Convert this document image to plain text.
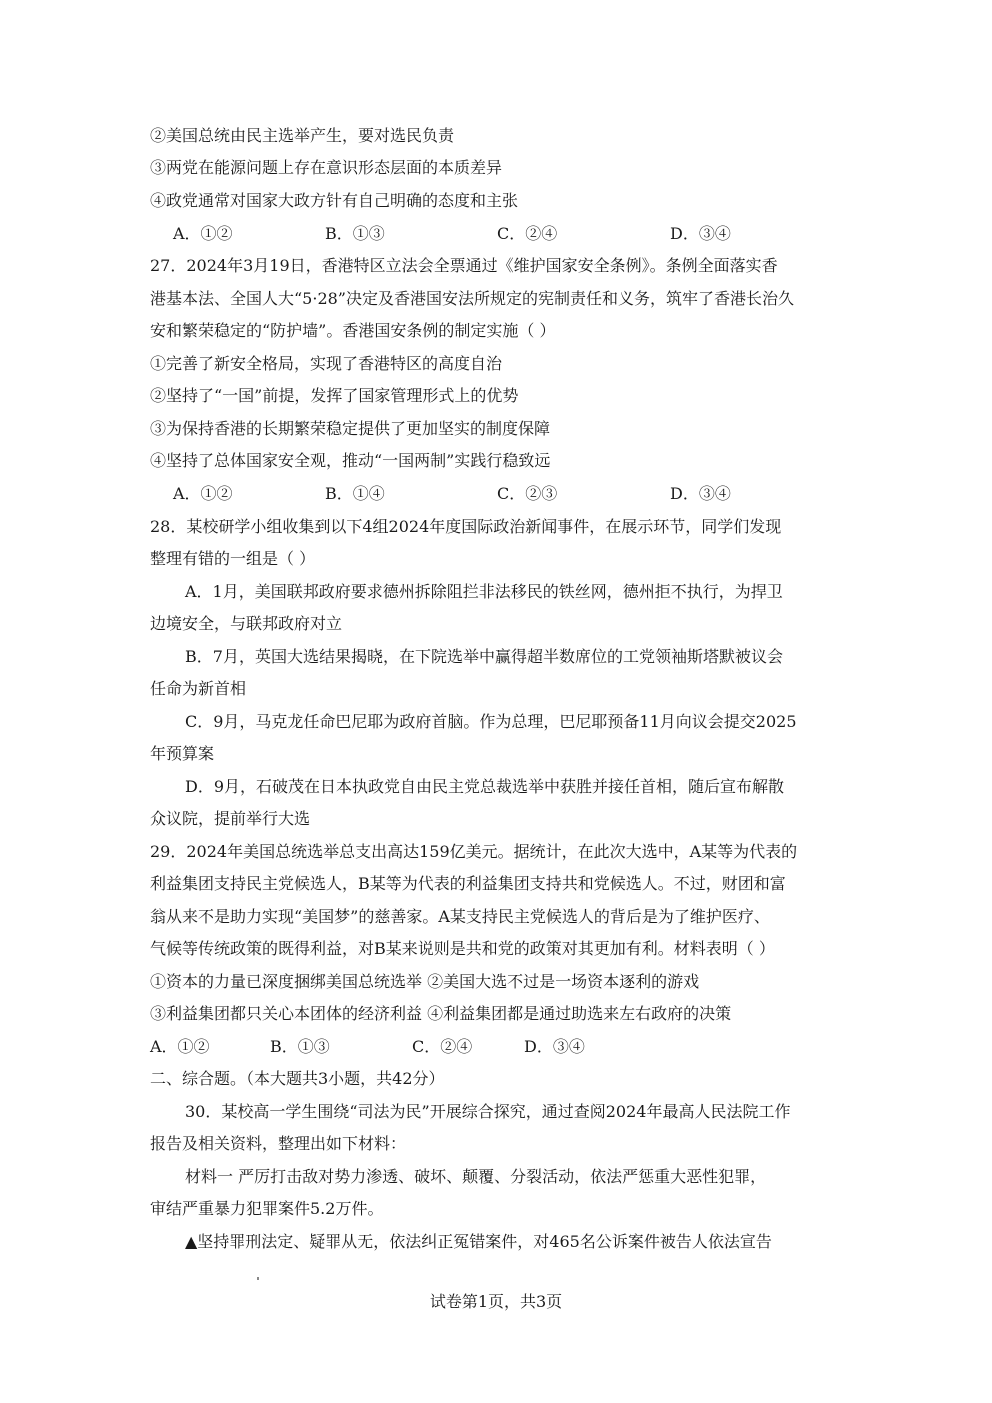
②美国总统由民主选举产生，要对选民负责
③两党在能源问题上存在意识形态层面的本质差异
④政党通常对国家大政方针有自己明确的态度和主张
27．2024年3月19日，香港特区立法会全票通过《维护国家安全条例》。条例全面落实香
港基本法、全国人大“5·28”决定及香港国安法所规定的宪制责任和义务，筑牢了香港长治久
安和繁荣稳定的“防护墙”。香港国安条例的制定实施（ ）
①完善了新安全格局，实现了香港特区的高度自治
②坚持了“一国”前提，发挥了国家管理形式上的优势
③为保持香港的长期繁荣稳定提供了更加坚实的制度保障
④坚持了总体国家安全观，推动“一国两制”实践行稳致远
28．某校研学小组收集到以下4组2024年度国际政治新闻事件，在展示环节，同学们发现
整理有错的一组是（ ）
A．1月，美国联邦政府要求德州拆除阻拦非法移民的铁丝网，德州拒不执行，为捍卫
边境安全，与联邦政府对立
B．7月，英国大选结果揭晓，在下院选举中赢得超半数席位的工党领袖斯塔默被议会
任命为新首相
C．9月，马克龙任命巴尼耶为政府首脑。作为总理，巴尼耶预备11月向议会提交2025
年预算案
D．9月，石破茂在日本执政党自由民主党总裁选举中获胜并接任首相，随后宣布解散
众议院，提前举行大选
29．2024年美国总统选举总支出高达159亿美元。据统计，在此次大选中，A某等为代表的
利益集团支持民主党候选人，B某等为代表的利益集团支持共和党候选人。不过，财团和富
翁从来不是助力实现“美国梦”的慈善家。A某支持民主党候选人的背后是为了维护医疗、
气候等传统政策的既得利益，对B某来说则是共和党的政策对其更加有利。材料表明（ ）
①资本的力量已深度捆绑美国总统选举 ②美国大选不过是一场资本逐利的游戏
③利益集团都只关心本团体的经济利益 ④利益集团都是通过助选来左右政府的决策
二、综合题。（本大题共3小题，共42分）
30．某校高一学生围绕“司法为民”开展综合探究，通过查阅2024年最高人民法院工作
报告及相关资料，整理出如下材料：
材料一 严厉打击敌对势力渗透、破坏、颠覆、分裂活动，依法严惩重大恶性犯罪，
审结严重暴力犯罪案件5.2万件。
▲坚持罪刑法定、疑罪从无，依法纠正冤错案件，对465名公诉案件被告人依法宣告
A．①②	B．①③	C．②④	D．③④
A．①②	B．①④	C．②③	D．③④
A．①②	B．①③	C．②④	D．③④
试卷第1页，共3页
